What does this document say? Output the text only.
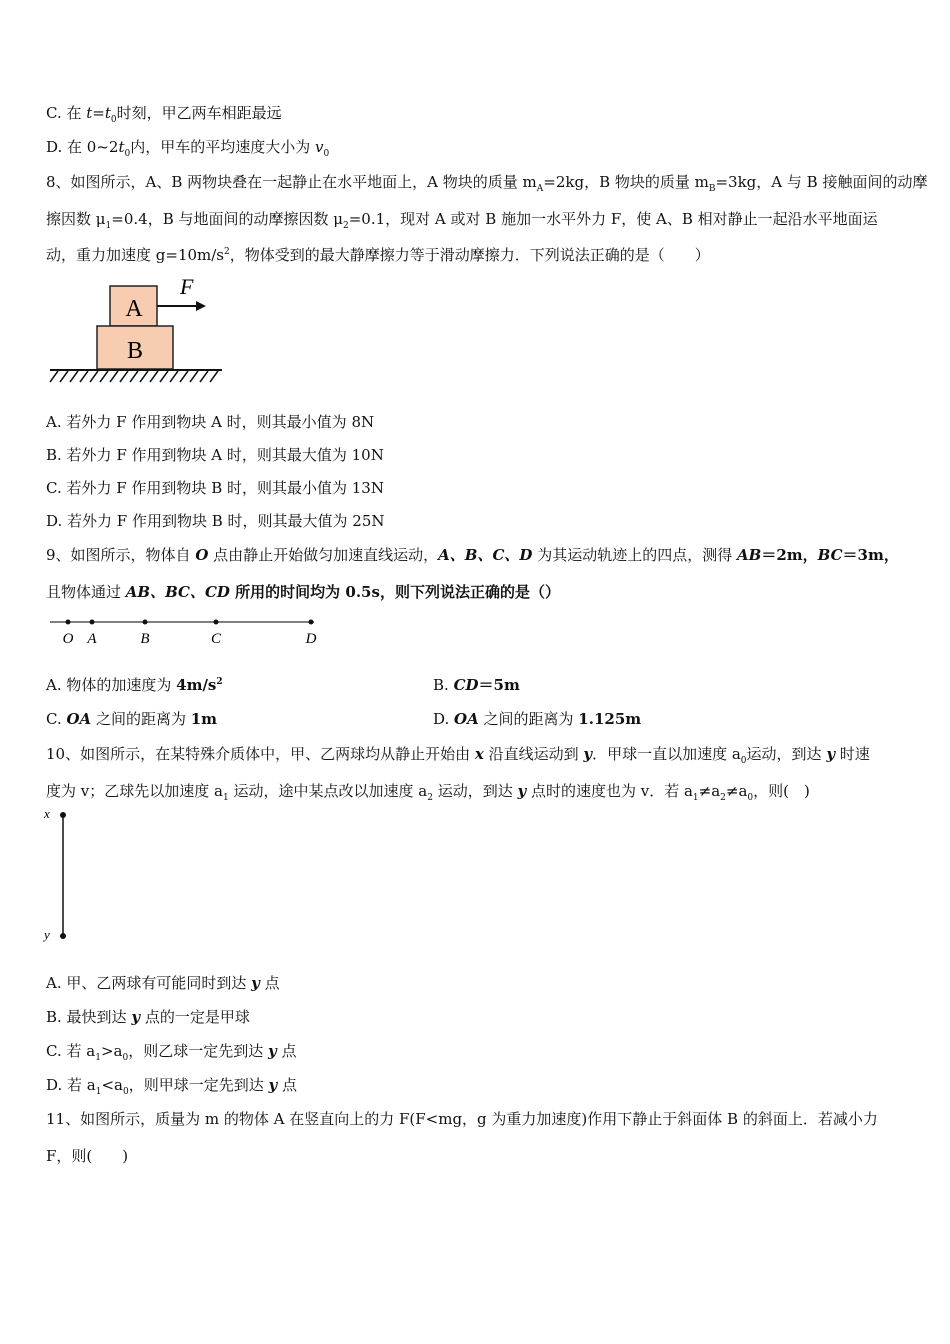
C. 在 $t=t_0$时刻，甲乙两车相距最远
D. 在 $0\sim 2t_0$内，甲车的平均速度大小为 $v_0$
8、如图所示，A、B 两物块叠在一起静止在水平地面上，A 物块的质量 $m_A=2kg$，B 物块的质量 $m_B=3kg$，A 与 B 接触面间的动摩
擦因数 $\mu_1=0.4$，B 与地面间的动摩擦因数 $\mu_2=0.1$，现对 A 或对 B 施加一水平外力 F，使 A、B 相对静止一起沿水平地面运
动，重力加速度 $g=10m/s^2$，物体受到的最大静摩擦力等于滑动摩擦力．下列说法正确的是（　　）
A
B
F
A. 若外力 F 作用到物块 A 时，则其最小值为 8N
B. 若外力 F 作用到物块 A 时，则其最大值为 10N
C. 若外力 F 作用到物块 B 时，则其最小值为 13N
D. 若外力 F 作用到物块 B 时，则其最大值为 25N
9、如图所示，物体自 O 点由静止开始做匀加速直线运动，A、B、C、D 为其运动轨迹上的四点，测得 AB＝2m，BC＝3m，
且物体通过 AB、BC、CD 所用的时间均为 0.5s，则下列说法正确的是（）
O A	B	C	D
A. 物体的加速度为 $4m/s^2$	B. CD＝5m
C. OA 之间的距离为 1m	D. OA 之间的距离为 1.125m
10、如图所示，在某特殊介质体中，甲、乙两球均从静止开始由 x 沿直线运动到 y．甲球一直以加速度 $a_0$运动，到达 y 时速
度为 v；乙球先以加速度 $a_1$ 运动，途中某点改以加速度 $a_2$ 运动，到达 y 点时的速度也为 v．若 $a_1\ne a_2\ne a_0$，则(　)
x
y
A. 甲、乙两球有可能同时到达 y 点
B. 最快到达 y 点的一定是甲球
C. 若 $a_1>a_0$，则乙球一定先到达 y 点
D. 若 $a_1<a_0$，则甲球一定先到达 y 点
11、如图所示，质量为 m 的物体 A 在竖直向上的力 F(F<mg，g 为重力加速度)作用下静止于斜面体 B 的斜面上．若减小力
F，则(　　)
